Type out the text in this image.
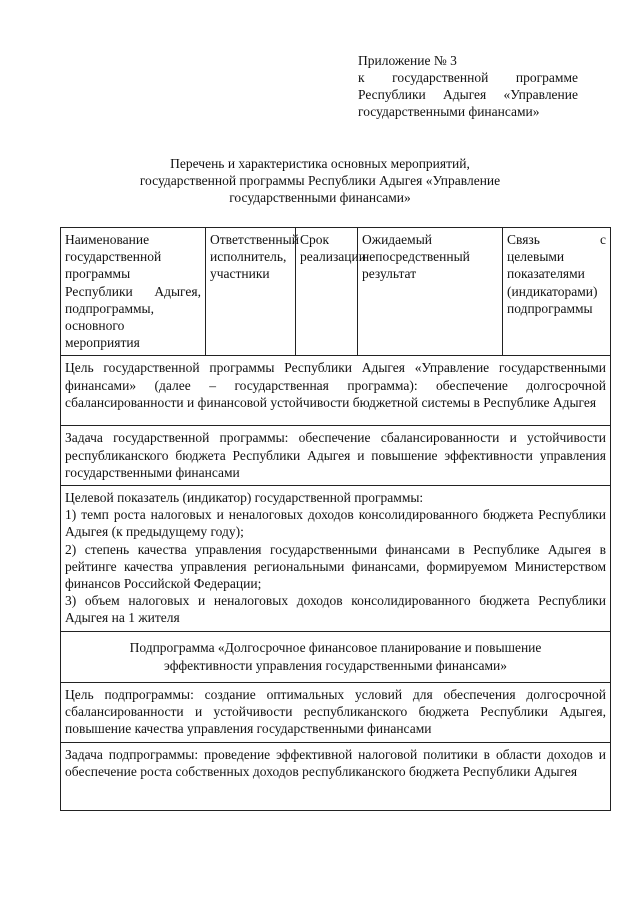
Приложение № 3
к государственной программе
Республики Адыгея «Управление
государственными финансами»
Перечень и характеристика основных мероприятий,
государственной программы Республики Адыгея «Управление
государственными финансами»
Наименование государственной программы Республики Адыгея, подпрограммы, основного мероприятия	Ответственный исполнитель, участники	Срок реализации	Ожидаемый непосредственный результат	Связь с целевыми показателями (индикаторами) подпрограммы
Цель государственной программы Республики Адыгея «Управление государственными финансами» (далее – государственная программа): обеспечение долгосрочной сбалансированности и финансовой устойчивости бюджетной системы в Республике Адыгея
Задача государственной программы: обеспечение сбалансированности и устойчивости республиканского бюджета Республики Адыгея и повышение эффективности управления государственными финансами

Целевой показатель (индикатор) государственной программы:
1) темп роста налоговых и неналоговых доходов консолидированного бюджета Республики Адыгея (к предыдущему году);
2) степень качества управления государственными финансами в Республике Адыгея в рейтинге качества управления региональными финансами, формируемом Министерством финансов Российской Федерации;
3) объем налоговых и неналоговых доходов консолидированного бюджета Республики Адыгея на 1 жителя

Подпрограмма «Долгосрочное финансовое планирование и повышение
эффективности управления государственными финансами»

Цель подпрограммы: создание оптимальных условий для обеспечения долгосрочной сбалансированности и устойчивости республиканского бюджета Республики Адыгея, повышение качества управления государственными финансами
Задача подпрограммы: проведение эффективной налоговой политики в области доходов и обеспечение роста собственных доходов республиканского бюджета Республики Адыгея
